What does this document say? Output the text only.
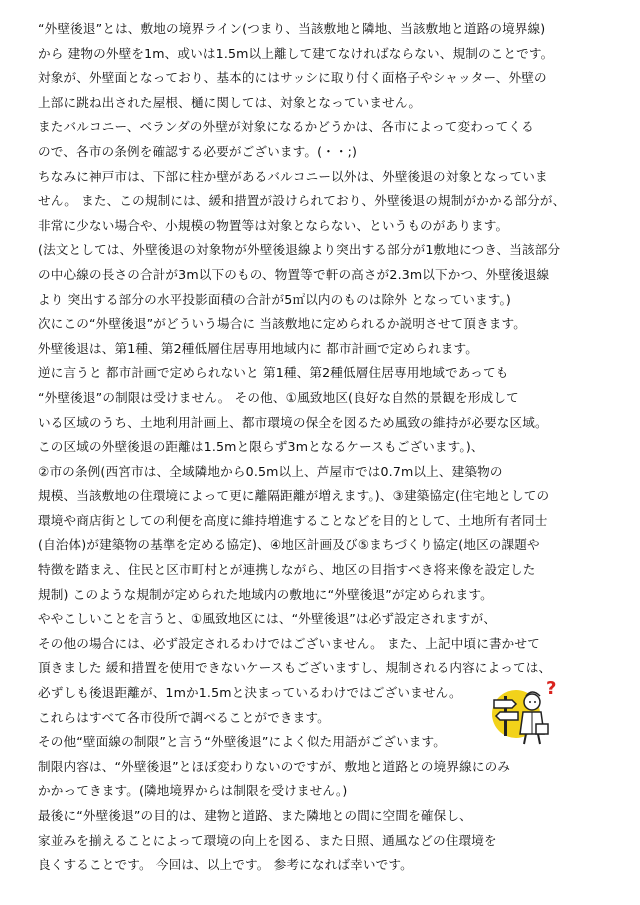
“外壁後退”とは、敷地の境界ライン(つまり、当該敷地と隣地、当該敷地と道路の境界線)
から 建物の外壁を1m、或いは1.5m以上離して建てなければならない、規制のことです。
対象が、外壁面となっており、基本的にはサッシに取り付く面格子やシャッター、外壁の
上部に跳ね出された屋根、樋に関しては、対象となっていません。
またバルコニー、ベランダの外壁が対象になるかどうかは、各市によって変わってくる
ので、各市の条例を確認する必要がございます。(・・;)
ちなみに神戸市は、下部に柱か壁があるバルコニー以外は、外壁後退の対象となっていま
せん。 また、この規制には、緩和措置が設けられており、外壁後退の規制がかかる部分が、
非常に少ない場合や、小規模の物置等は対象とならない、というものがあります。
(法文としては、外壁後退の対象物が外壁後退線より突出する部分が1敷地につき、当該部分
の中心線の長さの合計が3m以下のもの、物置等で軒の高さが2.3m以下かつ、外壁後退線
より 突出する部分の水平投影面積の合計が5㎡以内のものは除外 となっています。)
次にこの“外壁後退”がどういう場合に 当該敷地に定められるか説明させて頂きます。
外壁後退は、第1種、第2種低層住居専用地域内に 都市計画で定められます。
逆に言うと 都市計画で定められないと 第1種、第2種低層住居専用地域であっても
“外壁後退”の制限は受けません。 その他、①風致地区(良好な自然的景観を形成して
いる区域のうち、土地利用計画上、都市環境の保全を図るため風致の維持が必要な区域。
この区域の外壁後退の距離は1.5mと限らず3mとなるケースもございます。)、
②市の条例(西宮市は、全域隣地から0.5m以上、芦屋市では0.7m以上、建築物の
規模、当該敷地の住環境によって更に離隔距離が増えます。)、③建築協定(住宅地としての
環境や商店街としての利便を高度に維持増進することなどを目的として、土地所有者同士
(自治体)が建築物の基準を定める協定)、④地区計画及び⑤まちづくり協定(地区の課題や
特徴を踏まえ、住民と区市町村とが連携しながら、地区の目指すべき将来像を設定した
規制) このような規制が定められた地域内の敷地に“外壁後退”が定められます。
ややこしいことを言うと、①風致地区には、“外壁後退”は必ず設定されますが、
その他の場合には、必ず設定されるわけではございません。 また、上記中頃に書かせて
頂きました 緩和措置を使用できないケースもございますし、規制される内容によっては、
必ずしも後退距離が、1mか1.5mと決まっているわけではございません。
これらはすべて各市役所で調べることができます。
その他“壁面線の制限”と言う“外壁後退”によく似た用語がございます。
制限内容は、“外壁後退”とほぼ変わりないのですが、敷地と道路との境界線にのみ
かかってきます。(隣地境界からは制限を受けません。)
最後に“外壁後退”の目的は、建物と道路、また隣地との間に空間を確保し、
家並みを揃えることによって環境の向上を図る、また日照、通風などの住環境を
良くすることです。 今回は、以上です。 参考になれば幸いです。
?
